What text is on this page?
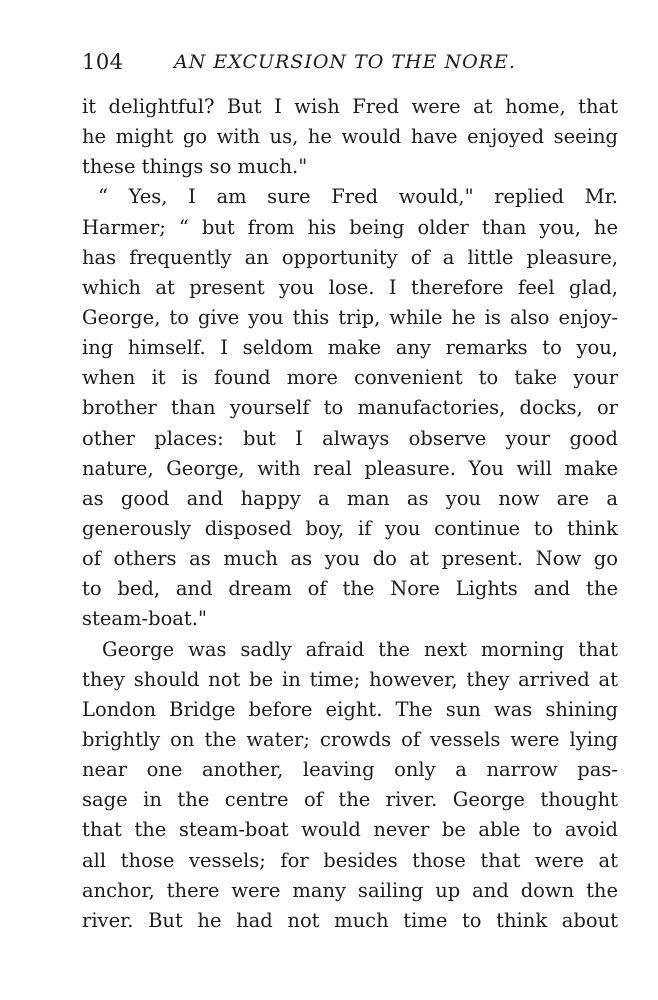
104	AN EXCURSION TO THE NORE.
it delightful? But I wish Fred were at home, that
he might go with us, he would have enjoyed seeing
these things so much."
“ Yes, I am sure Fred would," replied Mr.
Harmer; “ but from his being older than you, he
has frequently an opportunity of a little pleasure,
which at present you lose. I therefore feel glad,
George, to give you this trip, while he is also enjoy-
ing himself. I seldom make any remarks to you,
when it is found more convenient to take your
brother than yourself to manufactories, docks, or
other places: but I always observe your good
nature, George, with real pleasure. You will make
as good and happy a man as you now are a
generously disposed boy, if you continue to think
of others as much as you do at present. Now go
to bed, and dream of the Nore Lights and the
steam-boat."
George was sadly afraid the next morning that
they should not be in time; however, they arrived at
London Bridge before eight. The sun was shining
brightly on the water; crowds of vessels were lying
near one another, leaving only a narrow pas-
sage in the centre of the river. George thought
that the steam-boat would never be able to avoid
all those vessels; for besides those that were at
anchor, there were many sailing up and down the
river. But he had not much time to think about
